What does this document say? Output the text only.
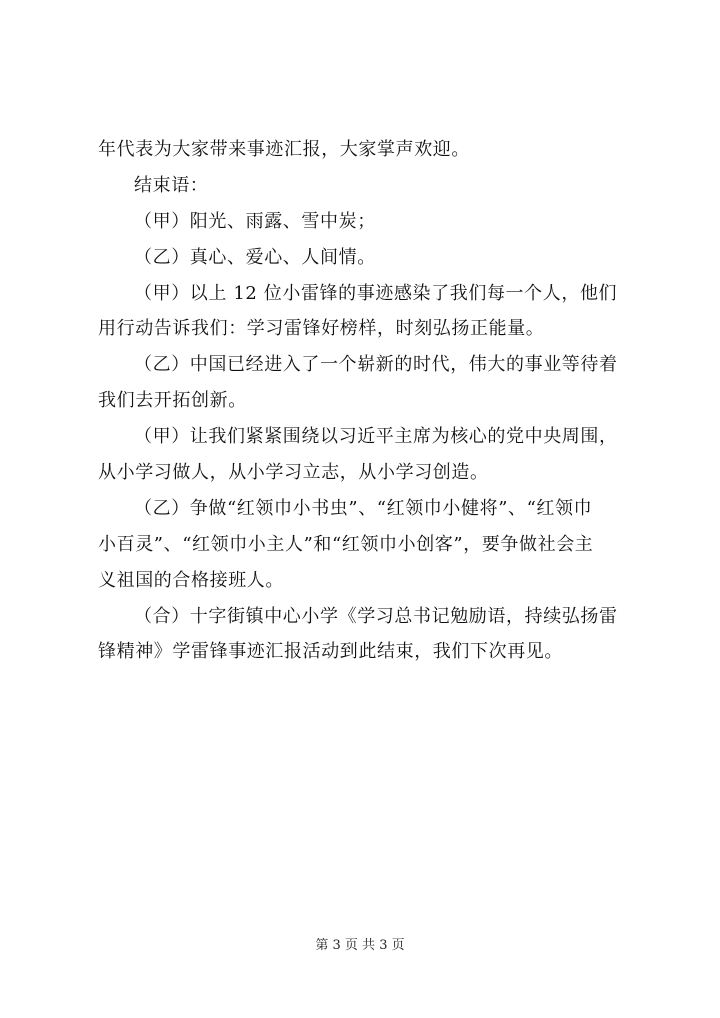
年代表为大家带来事迹汇报，大家掌声欢迎。
结束语：
（甲）阳光、雨露、雪中炭；
（乙）真心、爱心、人间情。
（甲）以上 12 位小雷锋的事迹感染了我们每一个人，他们
用行动告诉我们：学习雷锋好榜样，时刻弘扬正能量。
（乙）中国已经进入了一个崭新的时代，伟大的事业等待着
我们去开拓创新。
（甲）让我们紧紧围绕以习近平主席为核心的党中央周围，
从小学习做人，从小学习立志，从小学习创造。
（乙）争做“红领巾小书虫”、“红领巾小健将”、“红领巾
小百灵”、“红领巾小主人”和“红领巾小创客”，要争做社会主
义祖国的合格接班人。
（合）十字街镇中心小学《学习总书记勉励语，持续弘扬雷
锋精神》学雷锋事迹汇报活动到此结束，我们下次再见。
第 3 页 共 3 页
